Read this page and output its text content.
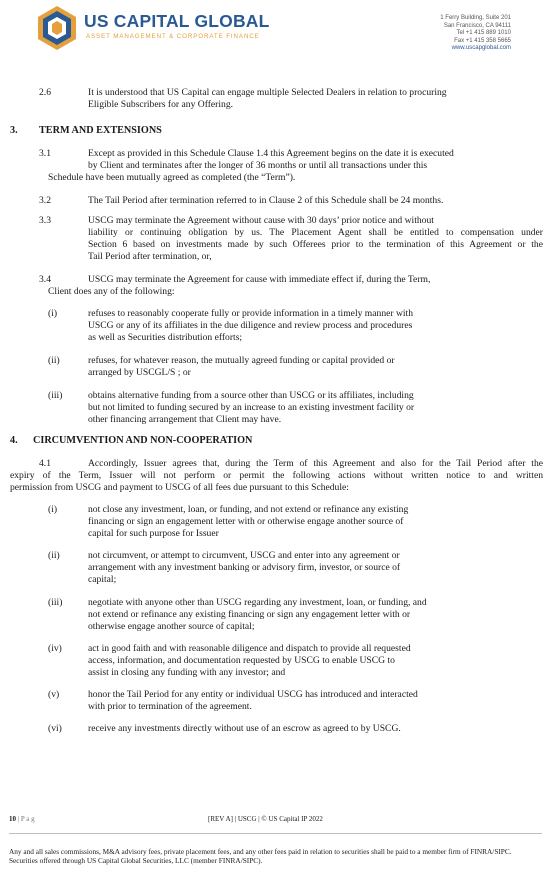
US CAPITAL GLOBAL
ASSET MANAGEMENT & CORPORATE FINANCE
1 Ferry Building, Suite 201
San Francisco, CA 94111
Tel +1 415 889 1010
Fax +1 415 358 5665
www.uscapglobal.com
2.6	It is understood that US Capital can engage multiple Selected Dealers in relation to procuring
Eligible Subscribers for any Offering.
3. TERM AND EXTENSIONS
3.1	Except as provided in this Schedule Clause 1.4 this Agreement begins on the date it is executed
by Client and terminates after the longer of 36 months or until all transactions under this
Schedule have been mutually agreed as completed (the “Term”).
3.2	The Tail Period after termination referred to in Clause 2 of this Schedule shall be 24 months.
3.3	USCG may terminate the Agreement without cause with 30 days’ prior notice and without
liability or continuing obligation by us. The Placement Agent shall be entitled to compensation under
Section 6 based on investments made by such Offerees prior to the termination of this Agreement or the
Tail Period after termination, or,
3.4	USCG may terminate the Agreement for cause with immediate effect if, during the Term,
Client does any of the following:
(i)	refuses to reasonably cooperate fully or provide information in a timely manner with
USCG or any of its affiliates in the due diligence and review process and procedures
as well as Securities distribution efforts;
(ii)	refuses, for whatever reason, the mutually agreed funding or capital provided or
arranged by USCGL/S ; or
(iii)	obtains alternative funding from a source other than USCG or its affiliates, including
but not limited to funding secured by an increase to an existing investment facility or
other financing arrangement that Client may have.
4. CIRCUMVENTION AND NON-COOPERATION
4.1	Accordingly, Issuer agrees that, during the Term of this Agreement and also for the Tail Period after the
expiry of the Term, Issuer will not perform or permit the following actions without written notice to and written
permission from USCG and payment to USCG of all fees due pursuant to this Schedule:
(i)	not close any investment, loan, or funding, and not extend or refinance any existing
financing or sign an engagement letter with or otherwise engage another source of
capital for such purpose for Issuer
(ii)	not circumvent, or attempt to circumvent, USCG and enter into any agreement or
arrangement with any investment banking or advisory firm, investor, or source of
capital;
(iii)	negotiate with anyone other than USCG regarding any investment, loan, or funding, and
not extend or refinance any existing financing or sign any engagement letter with or
otherwise engage another source of capital;
(iv)	act in good faith and with reasonable diligence and dispatch to provide all requested
access, information, and documentation requested by USCG to enable USCG to
assist in closing any funding with any investor; and
(v)	honor the Tail Period for any entity or individual USCG has introduced and interacted
with prior to termination of the agreement.
(vi)	receive any investments directly without use of an escrow as agreed to by USCG.
10 | P a g	[REV A] | USCG | © US Capital IP 2022
Any and all sales commissions, M&A advisory fees, private placement fees, and any other fees paid in relation to securities shall be paid to a member firm of FINRA/SIPC. Securities offered through US Capital Global Securities, LLC (member FINRA/SIPC).
